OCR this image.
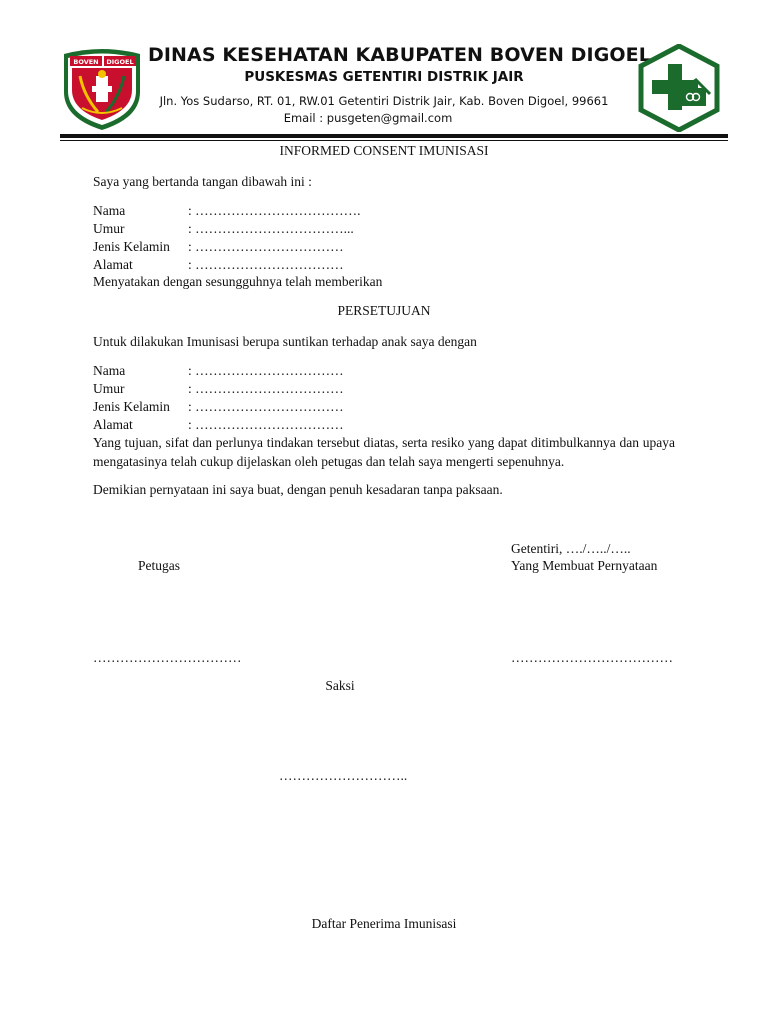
BOVEN DIGOEL DINAS KESEHATAN KABUPATEN BOVEN DIGOEL
PUSKESMAS GETENTIRI DISTRIK JAIR
Jln. Yos Sudarso, RT. 01, RW.01 Getentiri Distrik Jair, Kab. Boven Digoel, 99661
Email : pusgeten@gmail.com
INFORMED CONSENT IMUNISASI
Saya yang bertanda tangan dibawah ini :
Nama	: ……………………………….
Umur	: ……………………………...
Jenis Kelamin : ……………………………
Alamat	: ……………………………
Menyatakan dengan sesungguhnya telah memberikan
PERSETUJUAN
Untuk dilakukan Imunisasi berupa suntikan terhadap anak saya dengan
Nama	: ……………………………
Umur	: ……………………………
Jenis Kelamin : ……………………………
Alamat	: ……………………………
Yang tujuan, sifat dan perlunya tindakan tersebut diatas, serta resiko yang dapat ditimbulkannya dan upaya mengatasinya telah cukup dijelaskan oleh petugas dan telah saya mengerti sepenuhnya.
Demikian pernyataan ini saya buat, dengan penuh kesadaran tanpa paksaan.
Getentiri, …./…../…..
Petugas	Yang Membuat Pernyataan
……………………………	………………………………
Saksi
………………………..
Daftar Penerima Imunisasi
